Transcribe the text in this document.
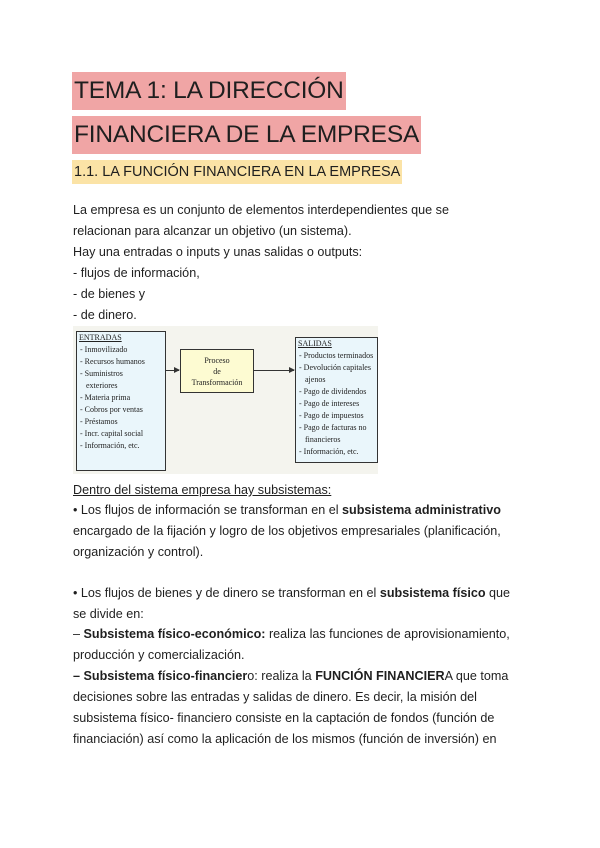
TEMA 1: LA DIRECCIÓN
FINANCIERA DE LA EMPRESA
1.1. LA FUNCIÓN FINANCIERA EN LA EMPRESA
La empresa es un conjunto de elementos interdependientes que se
relacionan para alcanzar un objetivo (un sistema).
Hay una entradas o inputs y unas salidas o outputs:
- flujos de información,
- de bienes y
- de dinero.
ENTRADAS
- Inmovilizado
- Recursos humanos
- Suministros
exteriores
- Materia prima
- Cobros por ventas
- Préstamos
- Incr. capital social
- Información, etc.
Proceso
de
Transformación
SALIDAS
- Productos terminados
- Devolución capitales
ajenos
- Pago de dividendos
- Pago de intereses
- Pago de impuestos
- Pago de facturas no
financieros
- Información, etc.
Dentro del sistema empresa hay subsistemas:
• Los flujos de información se transforman en el subsistema administrativo
encargado de la fijación y logro de los objetivos empresariales (planificación,
organización y control).
• Los flujos de bienes y de dinero se transforman en el subsistema físico que
se divide en:
– Subsistema físico-económico: realiza las funciones de aprovisionamiento,
producción y comercialización.
– Subsistema físico-financiero: realiza la FUNCIÓN FINANCIERA que toma
decisiones sobre las entradas y salidas de dinero. Es decir, la misión del
subsistema físico- financiero consiste en la captación de fondos (función de
financiación) así como la aplicación de los mismos (función de inversión) en
